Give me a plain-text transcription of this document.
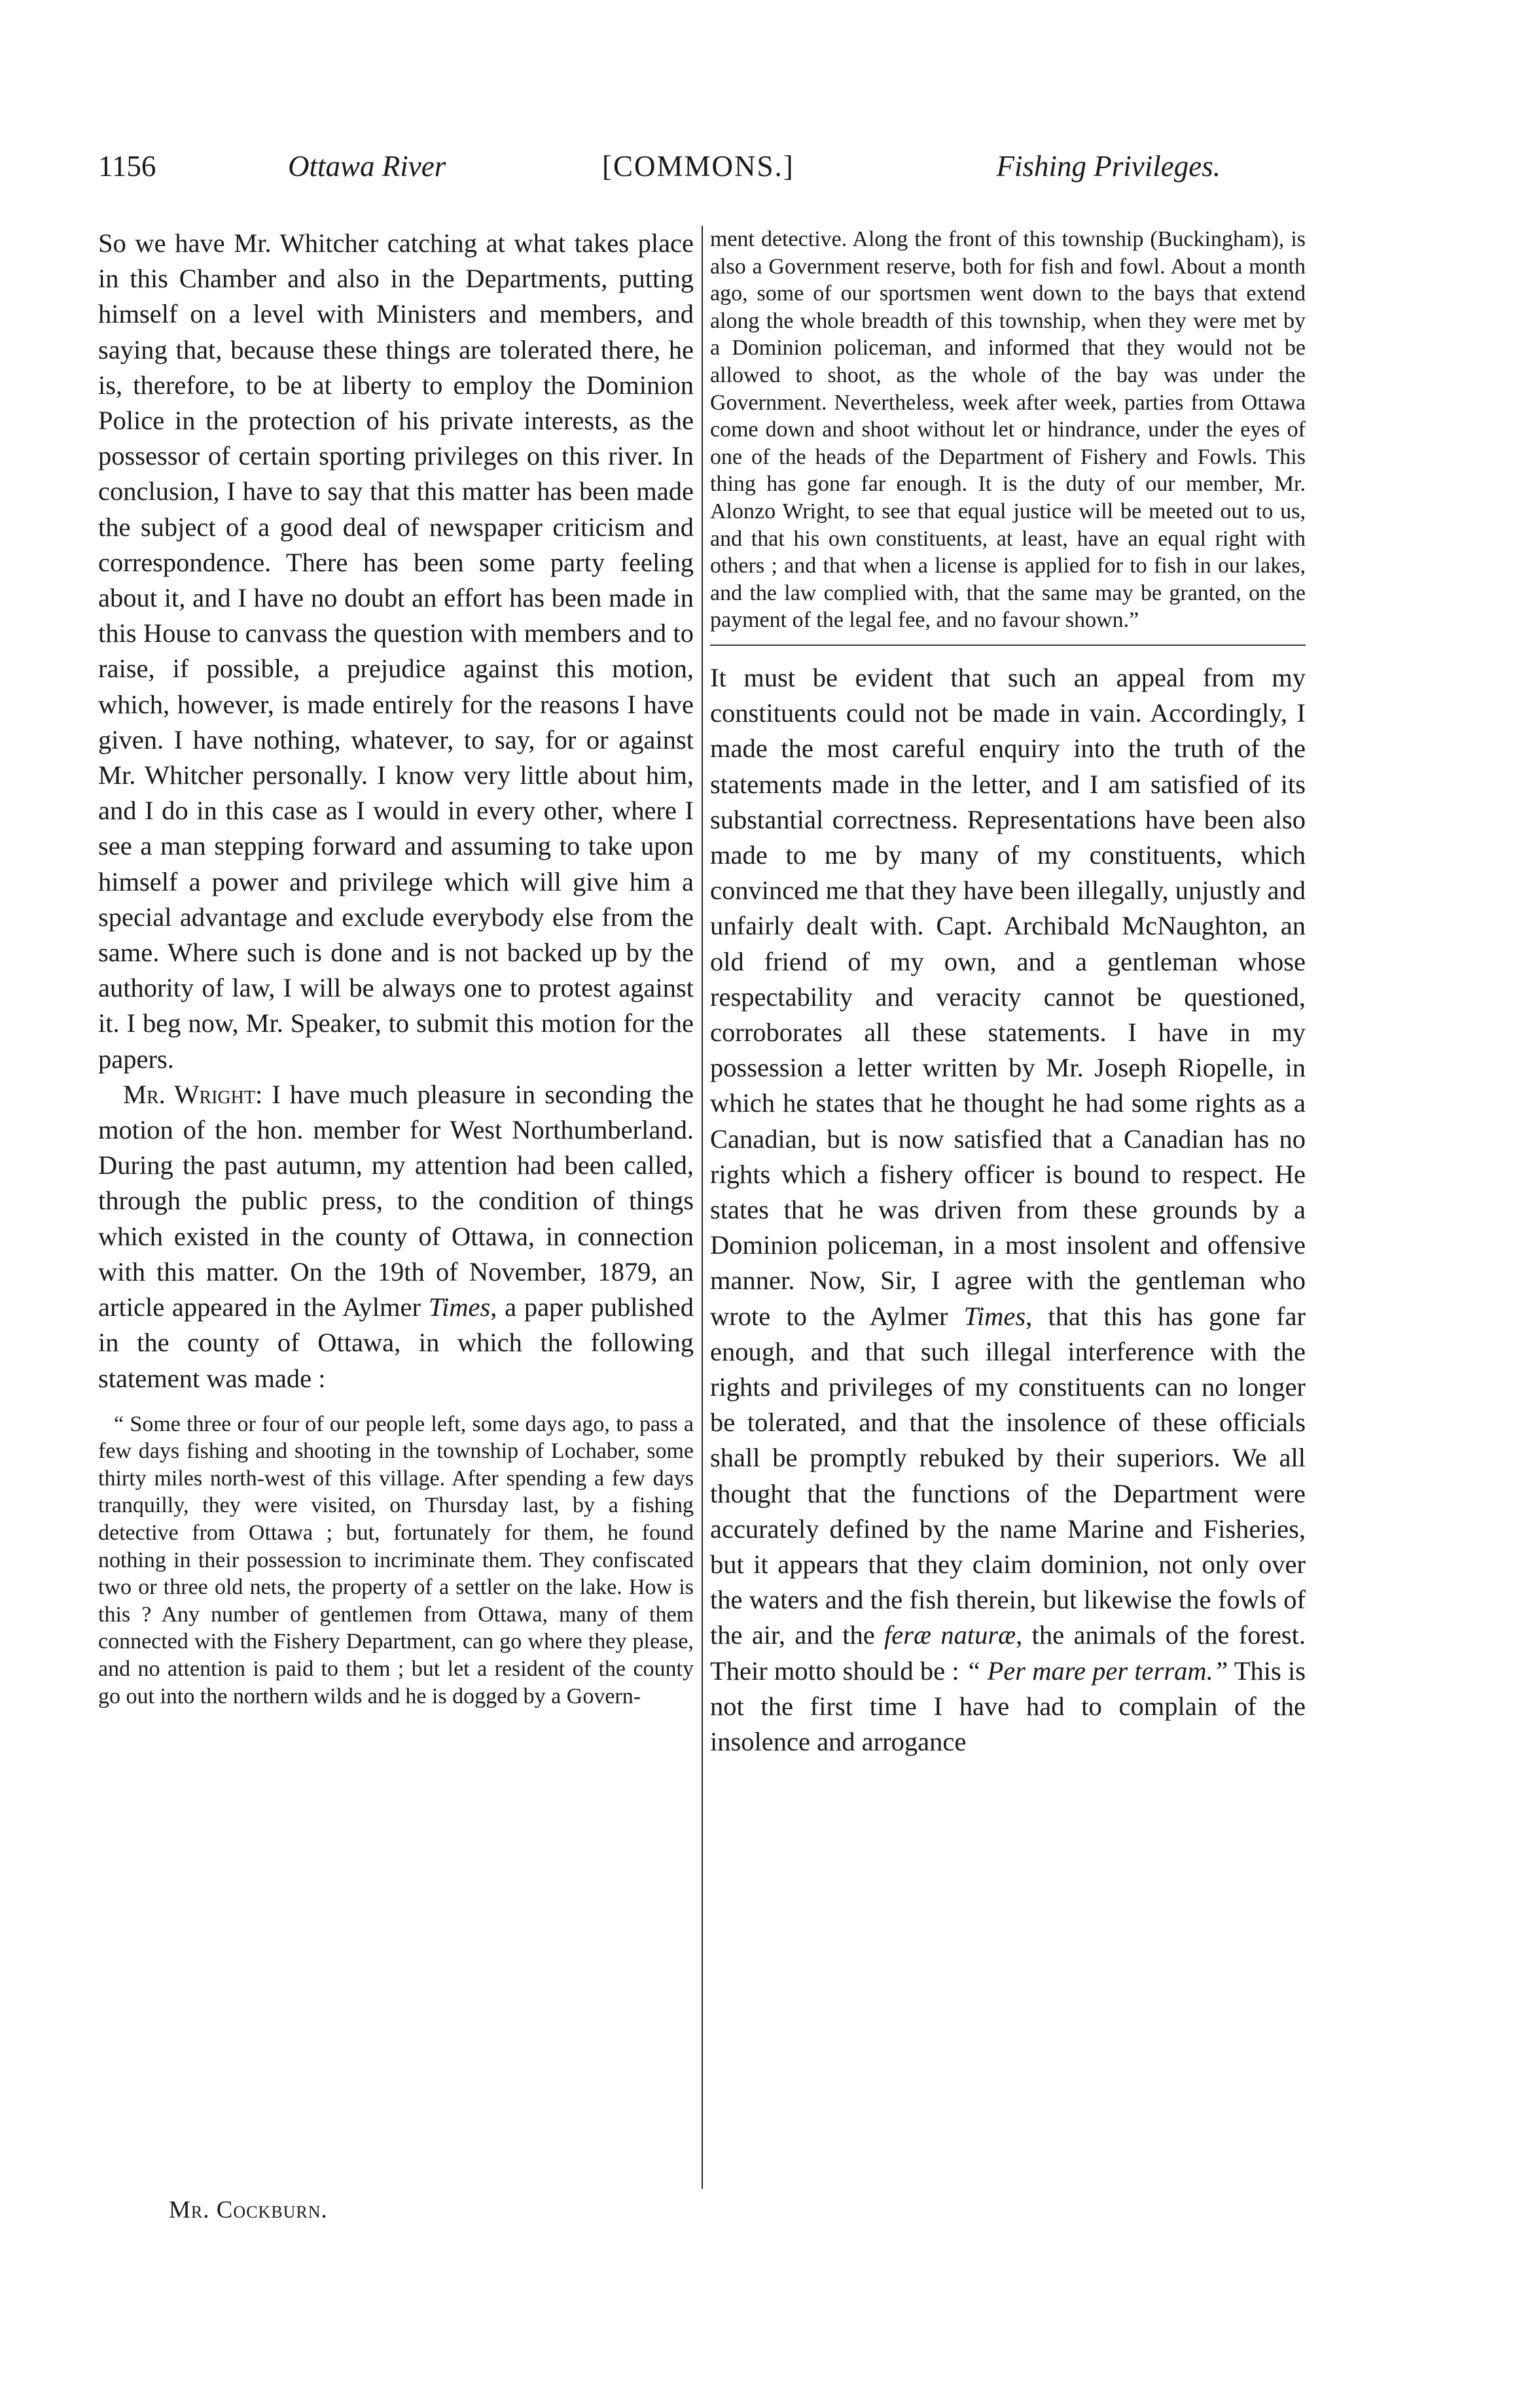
1156	Ottawa River	[COMMONS.]	Fishing Privileges.

So we have Mr. Whitcher catching at what takes place in this Chamber and also in the Departments, putting himself on a level with Ministers and members, and saying that, because these things are tolerated there, he is, therefore, to be at liberty to employ the Dominion Police in the protection of his private interests, as the possessor of certain sporting privileges on this river. In conclusion, I have to say that this matter has been made the subject of a good deal of newspaper criticism and correspondence. There has been some party feeling about it, and I have no doubt an effort has been made in this House to canvass the question with members and to raise, if possible, a prejudice against this motion, which, however, is made entirely for the reasons I have given. I have nothing, whatever, to say, for or against Mr. Whitcher personally. I know very little about him, and I do in this case as I would in every other, where I see a man stepping forward and assuming to take upon himself a power and privilege which will give him a special advantage and exclude everybody else from the same. Where such is done and is not backed up by the authority of law, I will be always one to protest against it. I beg now, Mr. Speaker, to submit this motion for the papers.

Mr. Wright: I have much pleasure in seconding the motion of the hon. member for West Northumberland. During the past autumn, my attention had been called, through the public press, to the condition of things which existed in the county of Ottawa, in connection with this matter. On the 19th of November, 1879, an article appeared in the Aylmer Times, a paper published in the county of Ottawa, in which the following statement was made :

“ Some three or four of our people left, some days ago, to pass a few days fishing and shooting in the township of Lochaber, some thirty miles north-west of this village. After spending a few days tranquilly, they were visited, on Thursday last, by a fishing detective from Ottawa ; but, fortunately for them, he found nothing in their possession to incriminate them. They confiscated two or three old nets, the property of a settler on the lake. How is this ? Any number of gentlemen from Ottawa, many of them connected with the Fishery Department, can go where they please, and no attention is paid to them ; but let a resident of the county go out into the northern wilds and he is dogged by a Govern-

ment detective. Along the front of this township (Buckingham), is also a Government reserve, both for fish and fowl. About a month ago, some of our sportsmen went down to the bays that extend along the whole breadth of this township, when they were met by a Dominion policeman, and informed that they would not be allowed to shoot, as the whole of the bay was under the Government. Nevertheless, week after week, parties from Ottawa come down and shoot without let or hindrance, under the eyes of one of the heads of the Department of Fishery and Fowls. This thing has gone far enough. It is the duty of our member, Mr. Alonzo Wright, to see that equal justice will be meeted out to us, and that his own constituents, at least, have an equal right with others ; and that when a license is applied for to fish in our lakes, and the law complied with, that the same may be granted, on the payment of the legal fee, and no favour shown.”

It must be evident that such an appeal from my constituents could not be made in vain. Accordingly, I made the most careful enquiry into the truth of the statements made in the letter, and I am satisfied of its substantial correctness. Representations have been also made to me by many of my constituents, which convinced me that they have been illegally, unjustly and unfairly dealt with. Capt. Archibald McNaughton, an old friend of my own, and a gentleman whose respectability and veracity cannot be questioned, corroborates all these statements. I have in my possession a letter written by Mr. Joseph Riopelle, in which he states that he thought he had some rights as a Canadian, but is now satisfied that a Canadian has no rights which a fishery officer is bound to respect. He states that he was driven from these grounds by a Dominion policeman, in a most insolent and offensive manner. Now, Sir, I agree with the gentleman who wrote to the Aylmer Times, that this has gone far enough, and that such illegal interference with the rights and privileges of my constituents can no longer be tolerated, and that the insolence of these officials shall be promptly rebuked by their superiors. We all thought that the functions of the Department were accurately defined by the name Marine and Fisheries, but it appears that they claim dominion, not only over the waters and the fish therein, but likewise the fowls of the air, and the feræ naturæ, the animals of the forest. Their motto should be : “ Per mare per terram.” This is not the first time I have had to complain of the insolence and arrogance

Mr. Cockburn.
